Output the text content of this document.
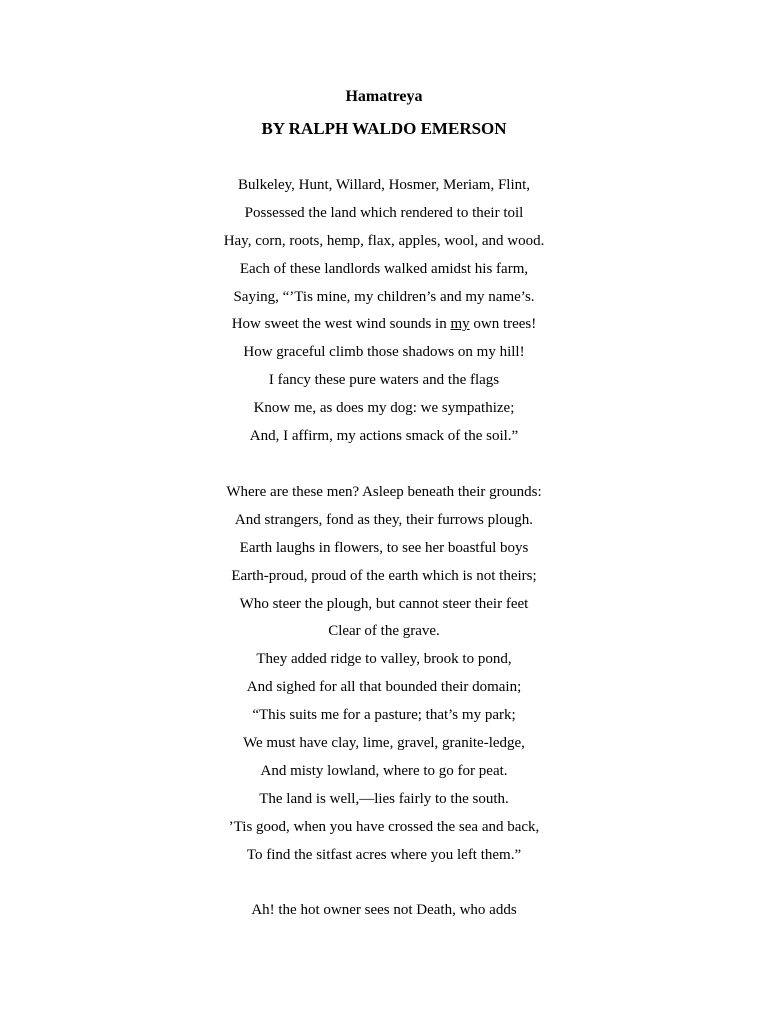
Hamatreya
BY RALPH WALDO EMERSON
Bulkeley, Hunt, Willard, Hosmer, Meriam, Flint,
Possessed the land which rendered to their toil
Hay, corn, roots, hemp, flax, apples, wool, and wood.
Each of these landlords walked amidst his farm,
Saying, “’Tis mine, my children’s and my name’s.
How sweet the west wind sounds in my own trees!
How graceful climb those shadows on my hill!
I fancy these pure waters and the flags
Know me, as does my dog: we sympathize;
And, I affirm, my actions smack of the soil.”
Where are these men? Asleep beneath their grounds:
And strangers, fond as they, their furrows plough.
Earth laughs in flowers, to see her boastful boys
Earth-proud, proud of the earth which is not theirs;
Who steer the plough, but cannot steer their feet
Clear of the grave.
They added ridge to valley, brook to pond,
And sighed for all that bounded their domain;
“This suits me for a pasture; that’s my park;
We must have clay, lime, gravel, granite-ledge,
And misty lowland, where to go for peat.
The land is well,—lies fairly to the south.
’Tis good, when you have crossed the sea and back,
To find the sitfast acres where you left them.”
Ah! the hot owner sees not Death, who adds
